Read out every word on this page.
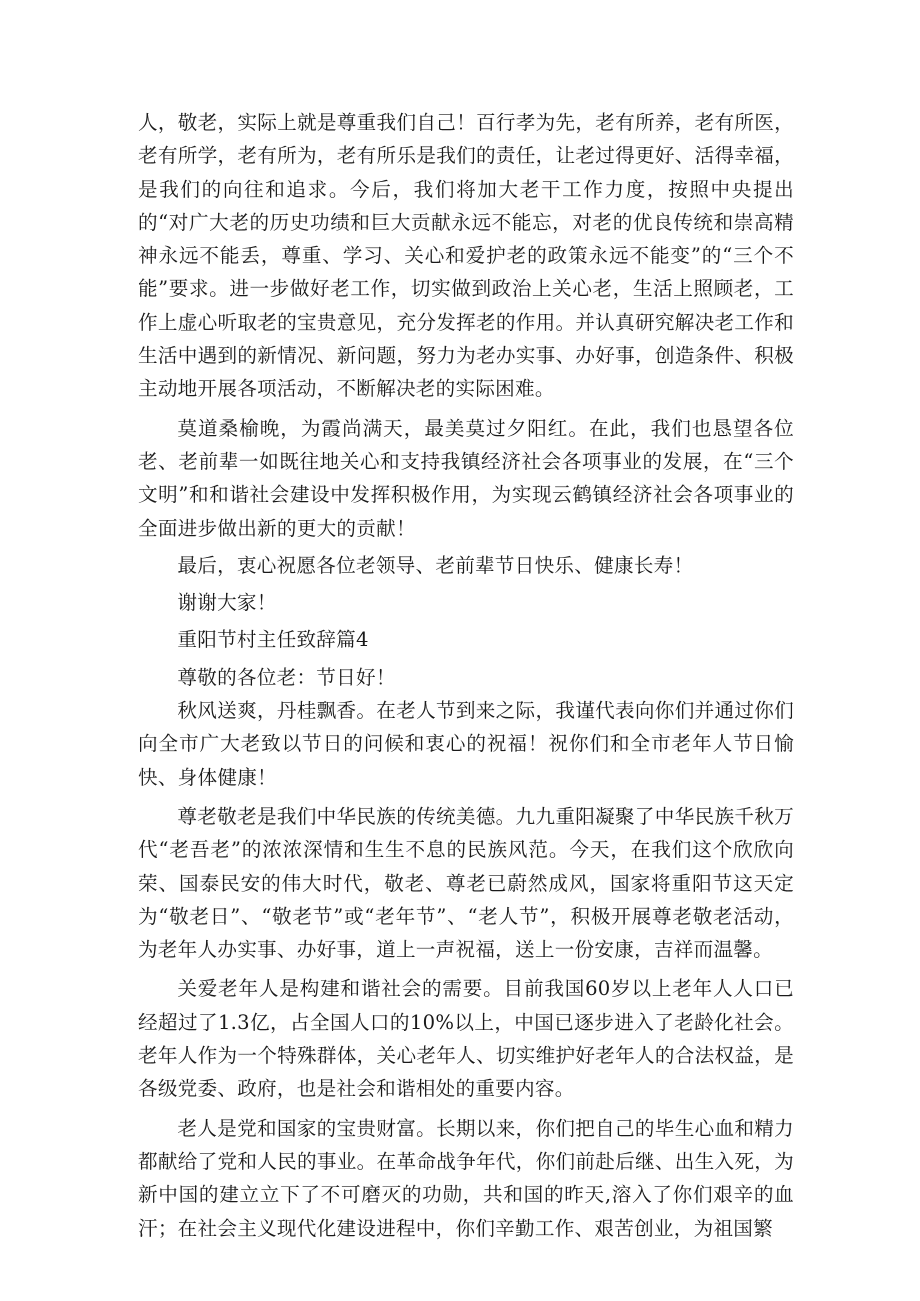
人，敬老，实际上就是尊重我们自己！百行孝为先，老有所养，老有所医，老有所学，老有所为，老有所乐是我们的责任，让老过得更好、活得幸福，是我们的向往和追求。今后，我们将加大老干工作力度，按照中央提出的“对广大老的历史功绩和巨大贡献永远不能忘，对老的优良传统和崇高精神永远不能丢，尊重、学习、关心和爱护老的政策永远不能变”的“三个不能”要求。进一步做好老工作，切实做到政治上关心老，生活上照顾老，工作上虚心听取老的宝贵意见，充分发挥老的作用。并认真研究解决老工作和生活中遇到的新情况、新问题，努力为老办实事、办好事，创造条件、积极主动地开展各项活动，不断解决老的实际困难。

莫道桑榆晚，为霞尚满天，最美莫过夕阳红。在此，我们也恳望各位老、老前辈一如既往地关心和支持我镇经济社会各项事业的发展，在“三个文明”和和谐社会建设中发挥积极作用，为实现云鹤镇经济社会各项事业的全面进步做出新的更大的贡献！

最后，衷心祝愿各位老领导、老前辈节日快乐、健康长寿！

谢谢大家！

重阳节村主任致辞篇4

尊敬的各位老：节日好！

秋风送爽，丹桂飘香。在老人节到来之际，我谨代表向你们并通过你们向全市广大老致以节日的问候和衷心的祝福！祝你们和全市老年人节日愉快、身体健康！

尊老敬老是我们中华民族的传统美德。九九重阳凝聚了中华民族千秋万代“老吾老”的浓浓深情和生生不息的民族风范。今天，在我们这个欣欣向荣、国泰民安的伟大时代，敬老、尊老已蔚然成风，国家将重阳节这天定为“敬老日”、“敬老节”或“老年节”、“老人节”，积极开展尊老敬老活动，为老年人办实事、办好事，道上一声祝福，送上一份安康，吉祥而温馨。

关爱老年人是构建和谐社会的需要。目前我国60岁以上老年人人口已经超过了1.3亿，占全国人口的10%以上，中国已逐步进入了老龄化社会。老年人作为一个特殊群体，关心老年人、切实维护好老年人的合法权益，是各级党委、政府，也是社会和谐相处的重要内容。

老人是党和国家的宝贵财富。长期以来，你们把自己的毕生心血和精力都献给了党和人民的事业。在革命战争年代，你们前赴后继、出生入死，为新中国的建立立下了不可磨灭的功勋，共和国的昨天,溶入了你们艰辛的血汗；在社会主义现代化建设进程中，你们辛勤工作、艰苦创业，为祖国繁
